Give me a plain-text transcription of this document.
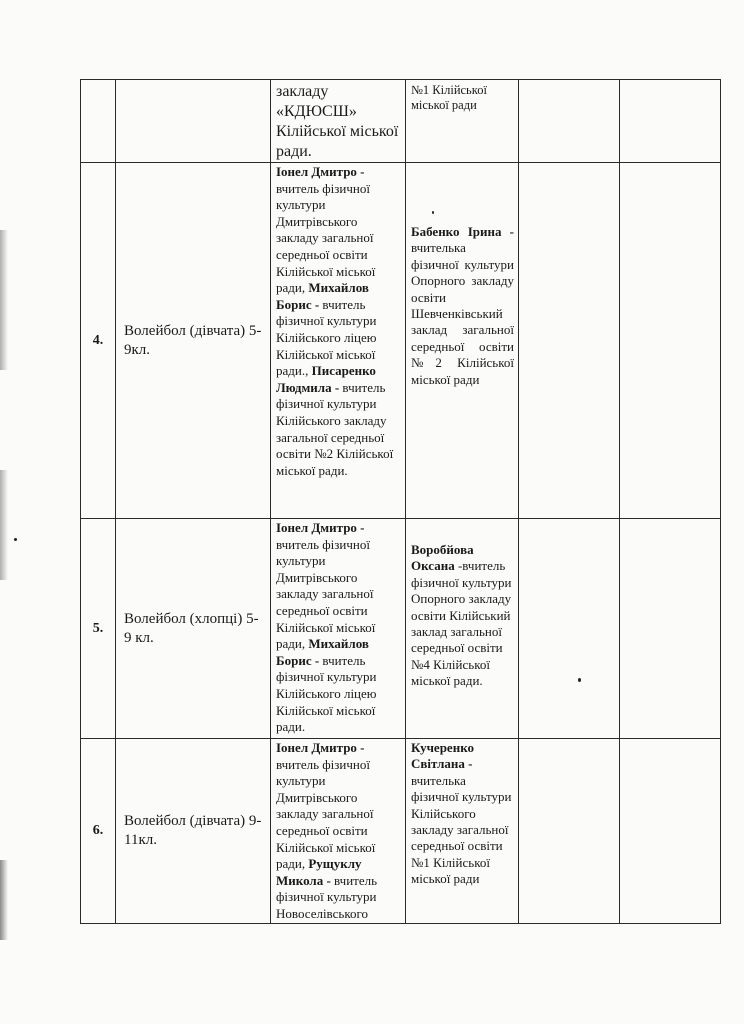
		закладу «КДЮСШ» Кілійської міської ради.	№1 Кілійської міської ради		
4.	Волейбол (дівчата) 5-9кл.	Іонел Дмитро - вчитель фізичної культури Дмитрівського закладу загальної середньої освіти Кілійської міської ради, Михайлов Борис - вчитель фізичної культури Кілійського ліцею Кілійської міської ради., Писаренко Людмила - вчитель фізичної культури Кілійського закладу загальної середньої освіти №2 Кілійської міської ради.	Бабенко Ірина - вчителька фізичної культури Опорного закладу освіти Шевченківський заклад загальної середньої освіти №2 Кілійської міської ради		

5.	Волейбол (хлопці) 5-9 кл.	Іонел Дмитро - вчитель фізичної культури Дмитрівського закладу загальної середньої освіти Кілійської міської ради, Михайлов Борис - вчитель фізичної культури Кілійського ліцею Кілійської міської ради.	Воробйова Оксана -вчитель фізичної культури Опорного закладу освіти Кілійський заклад загальної середньої освіти №4 Кілійської міської ради.		

6.	Волейбол (дівчата) 9-11кл.	Іонел Дмитро - вчитель фізичної культури Дмитрівського закладу загальної середньої освіти Кілійської міської ради, Рущуклу Микола - вчитель фізичної культури Новоселівського	Кучеренко Світлана - вчителька фізичної культури Кілійського закладу загальної середньої освіти №1 Кілійської міської ради		
